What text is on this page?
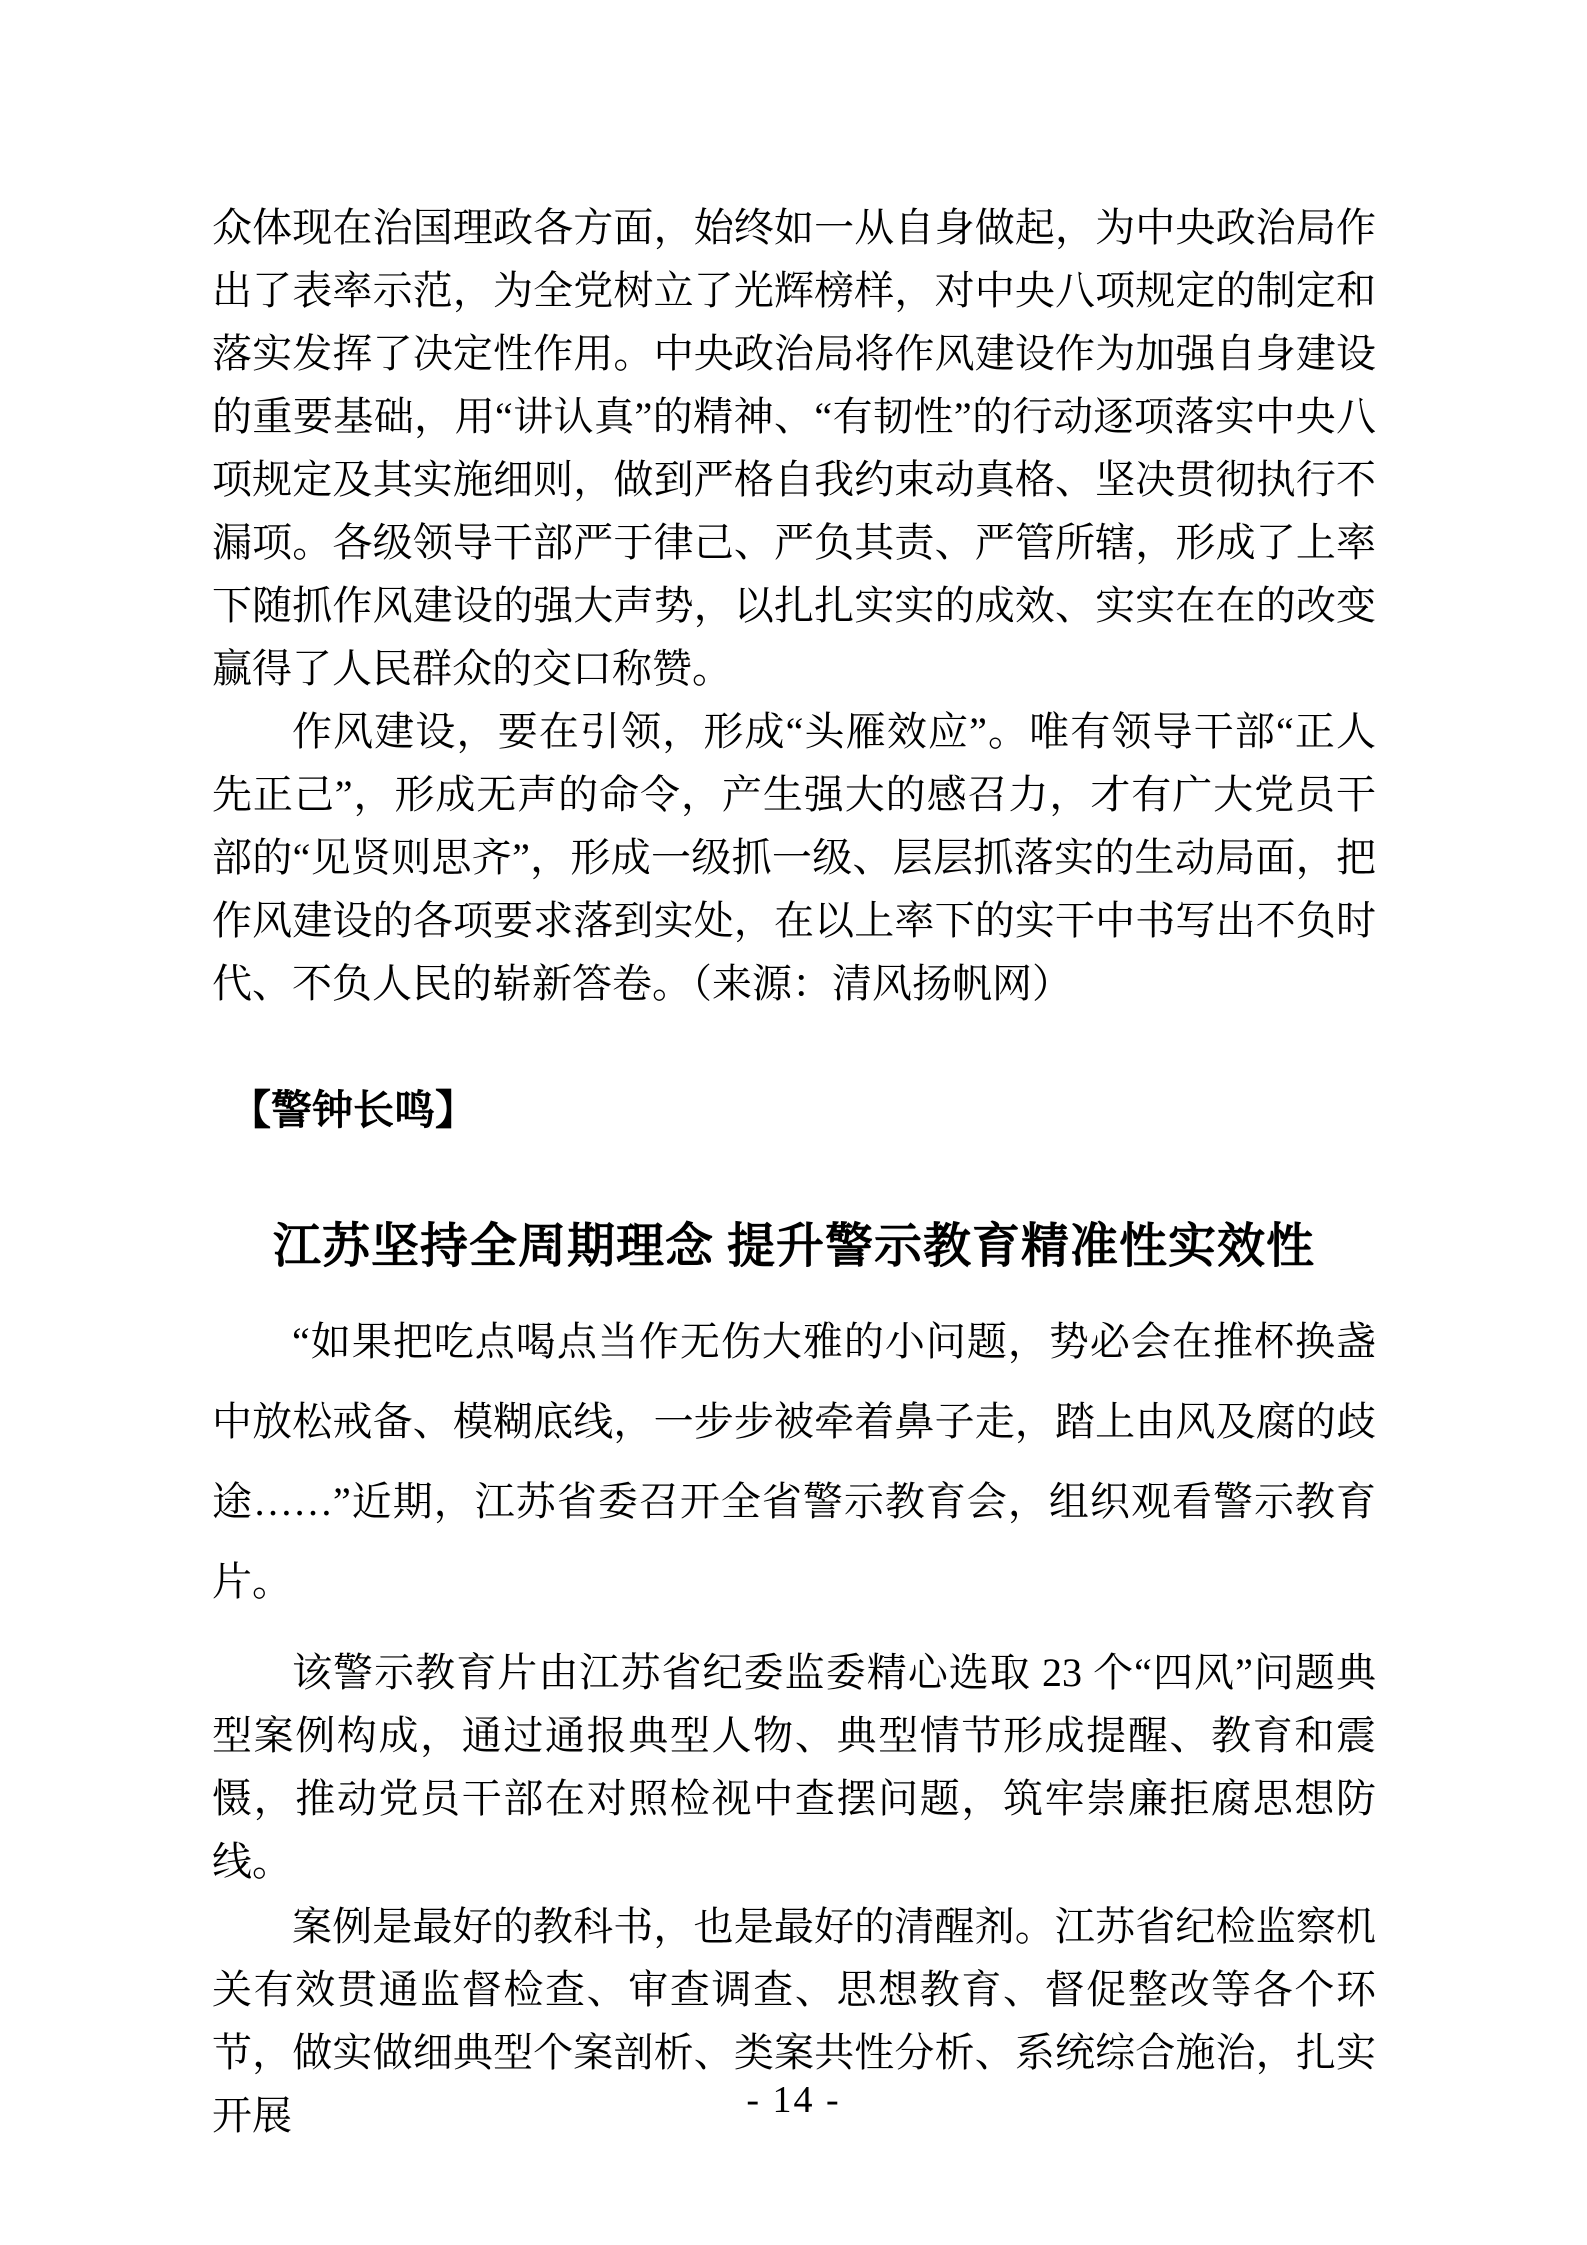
众体现在治国理政各方面，始终如一从自身做起，为中央政治局作出了表率示范，为全党树立了光辉榜样，对中央八项规定的制定和落实发挥了决定性作用。中央政治局将作风建设作为加强自身建设的重要基础，用“讲认真”的精神、“有韧性”的行动逐项落实中央八项规定及其实施细则，做到严格自我约束动真格、坚决贯彻执行不漏项。各级领导干部严于律己、严负其责、严管所辖，形成了上率下随抓作风建设的强大声势，以扎扎实实的成效、实实在在的改变赢得了人民群众的交口称赞。

作风建设，要在引领，形成“头雁效应”。唯有领导干部“正人先正己”，形成无声的命令，产生强大的感召力，才有广大党员干部的“见贤则思齐”，形成一级抓一级、层层抓落实的生动局面，把作风建设的各项要求落到实处，在以上率下的实干中书写出不负时代、不负人民的崭新答卷。（来源：清风扬帆网）

【警钟长鸣】
江苏坚持全周期理念 提升警示教育精准性实效性

“如果把吃点喝点当作无伤大雅的小问题，势必会在推杯换盏中放松戒备、模糊底线，一步步被牵着鼻子走，踏上由风及腐的歧途……”近期，江苏省委召开全省警示教育会，组织观看警示教育片。

该警示教育片由江苏省纪委监委精心选取 23 个“四风”问题典型案例构成，通过通报典型人物、典型情节形成提醒、教育和震慑，推动党员干部在对照检视中查摆问题，筑牢崇廉拒腐思想防线。

案例是最好的教科书，也是最好的清醒剂。江苏省纪检监察机关有效贯通监督检查、审查调查、思想教育、督促整改等各个环节，做实做细典型个案剖析、类案共性分析、系统综合施治，扎实开展	- 14 -
